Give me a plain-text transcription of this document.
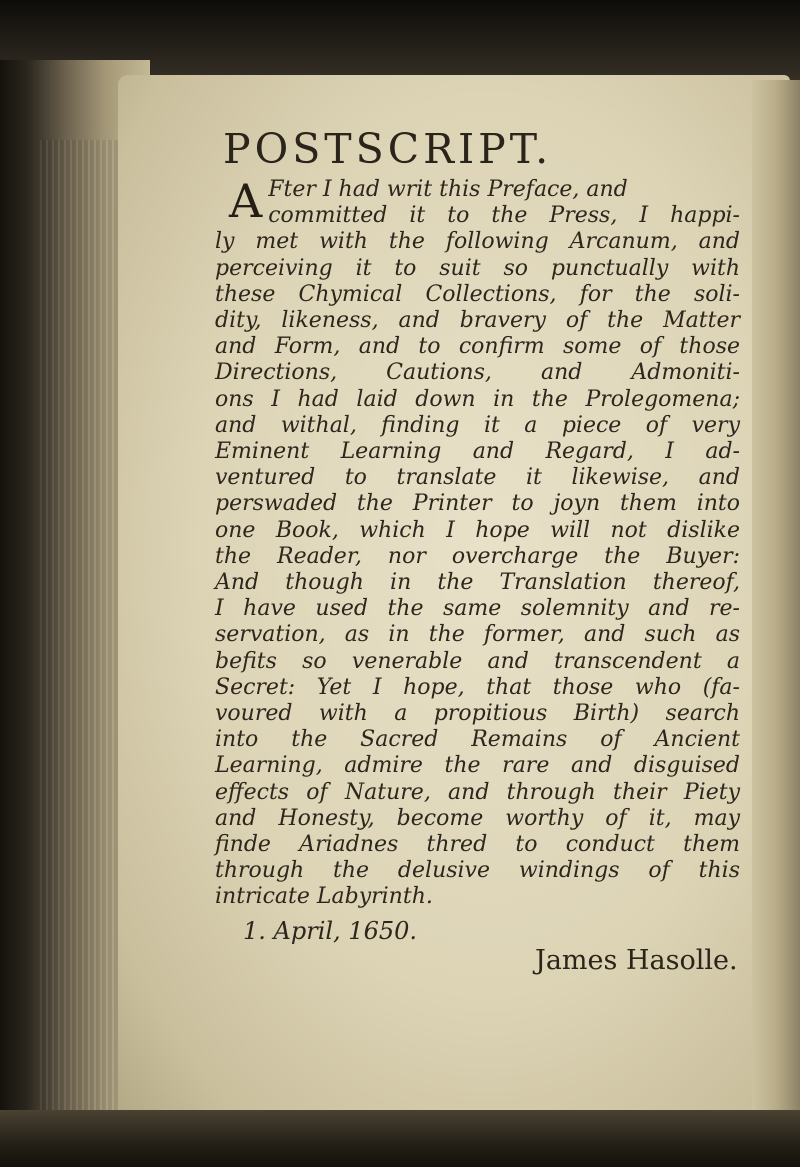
POSTSCRIPT.
A Fter I had writ this Preface, and
committed it to the Press, I happi-
ly met with the following Arcanum, and
perceiving it to suit so punctually with
these Chymical Collections, for the soli-
dity, likeness, and bravery of the Matter
and Form, and to confirm some of those
Directions, Cautions, and Admoniti-
ons I had laid down in the Prolegomena;
and withal, finding it a piece of very
Eminent Learning and Regard, I ad-
ventured to translate it likewise, and
perswaded the Printer to joyn them into
one Book, which I hope will not dislike
the Reader, nor overcharge the Buyer:
And though in the Translation thereof,
I have used the same solemnity and re-
servation, as in the former, and such as
befits so venerable and transcendent a
Secret: Yet I hope, that those who (fa-
voured with a propitious Birth) search
into the Sacred Remains of Ancient
Learning, admire the rare and disguised
effects of Nature, and through their Piety
and Honesty, become worthy of it, may
finde Ariadnes thred to conduct them
through the delusive windings of this
intricate Labyrinth.
1. April, 1650.
James Hasolle.
